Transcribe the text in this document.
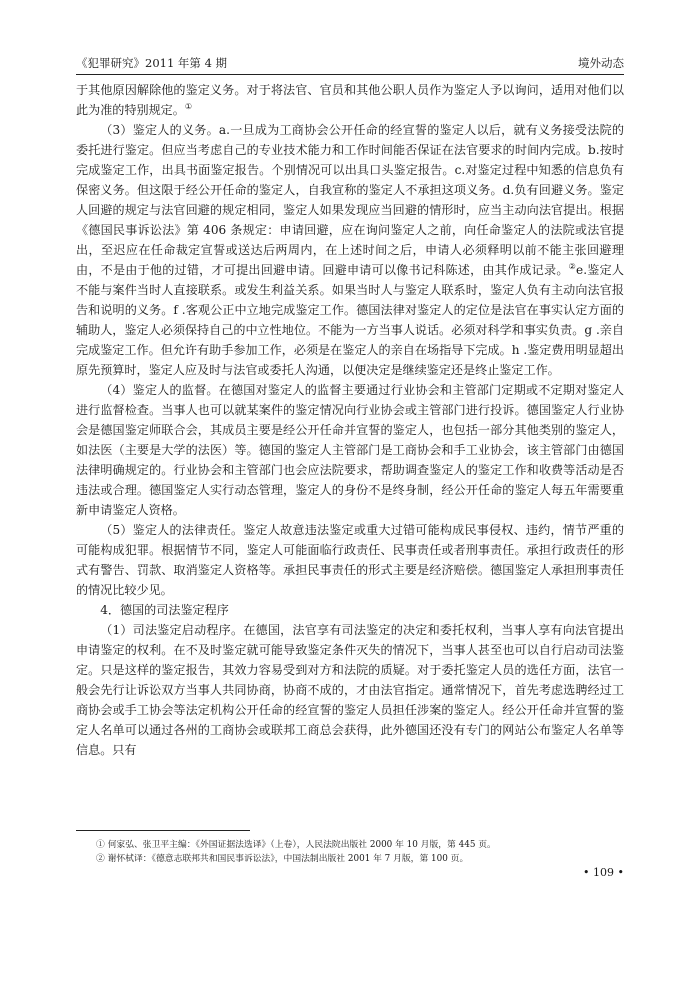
《犯罪研究》2011 年第 4 期	境外动态

于其他原因解除他的鉴定义务。对于将法官、官员和其他公职人员作为鉴定人予以询问，适用对他们以此为准的特别规定。①

（3）鉴定人的义务。a.一旦成为工商协会公开任命的经宣誓的鉴定人以后，就有义务接受法院的委托进行鉴定。但应当考虑自己的专业技术能力和工作时间能否保证在法官要求的时间内完成。b.按时完成鉴定工作，出具书面鉴定报告。个别情况可以出具口头鉴定报告。c.对鉴定过程中知悉的信息负有保密义务。但这限于经公开任命的鉴定人，自我宣称的鉴定人不承担这项义务。d.负有回避义务。鉴定人回避的规定与法官回避的规定相同，鉴定人如果发现应当回避的情形时，应当主动向法官提出。根据《德国民事诉讼法》第 406 条规定：申请回避，应在询问鉴定人之前，向任命鉴定人的法院或法官提出，至迟应在任命裁定宣誓或送达后两周内，在上述时间之后，申请人必须释明以前不能主张回避理由，不是由于他的过错，才可提出回避申请。回避申请可以像书记科陈述，由其作成记录。②e.鉴定人不能与案件当时人直接联系。或发生利益关系。如果当时人与鉴定人联系时，鉴定人负有主动向法官报告和说明的义务。f .客观公正中立地完成鉴定工作。德国法律对鉴定人的定位是法官在事实认定方面的辅助人，鉴定人必须保持自己的中立性地位。不能为一方当事人说话。必须对科学和事实负责。g .亲自完成鉴定工作。但允许有助手参加工作，必须是在鉴定人的亲自在场指导下完成。h .鉴定费用明显超出原先预算时，鉴定人应及时与法官或委托人沟通，以便决定是继续鉴定还是终止鉴定工作。

（4）鉴定人的监督。在德国对鉴定人的监督主要通过行业协会和主管部门定期或不定期对鉴定人进行监督检查。当事人也可以就某案件的鉴定情况向行业协会或主管部门进行投诉。德国鉴定人行业协会是德国鉴定师联合会，其成员主要是经公开任命并宣誓的鉴定人，也包括一部分其他类别的鉴定人，如法医（主要是大学的法医）等。德国的鉴定人主管部门是工商协会和手工业协会，该主管部门由德国法律明确规定的。行业协会和主管部门也会应法院要求，帮助调查鉴定人的鉴定工作和收费等活动是否违法或合理。德国鉴定人实行动态管理，鉴定人的身份不是终身制，经公开任命的鉴定人每五年需要重新申请鉴定人资格。

（5）鉴定人的法律责任。鉴定人故意违法鉴定或重大过错可能构成民事侵权、违约，情节严重的可能构成犯罪。根据情节不同，鉴定人可能面临行政责任、民事责任或者刑事责任。承担行政责任的形式有警告、罚款、取消鉴定人资格等。承担民事责任的形式主要是经济赔偿。德国鉴定人承担刑事责任的情况比较少见。

4．德国的司法鉴定程序

（1）司法鉴定启动程序。在德国，法官享有司法鉴定的决定和委托权利，当事人享有向法官提出申请鉴定的权利。在不及时鉴定就可能导致鉴定条件灭失的情况下，当事人甚至也可以自行启动司法鉴定。只是这样的鉴定报告，其效力容易受到对方和法院的质疑。对于委托鉴定人员的选任方面，法官一般会先行让诉讼双方当事人共同协商，协商不成的，才由法官指定。通常情况下，首先考虑选聘经过工商协会或手工协会等法定机构公开任命的经宣誓的鉴定人员担任涉案的鉴定人。经公开任命并宣誓的鉴定人名单可以通过各州的工商协会或联邦工商总会获得，此外德国还没有专门的网站公布鉴定人名单等信息。只有

① 何家弘、张卫平主编：《外国证据法选译》（上卷），人民法院出版社 2000 年 10 月版，第 445 页。

② 谢怀栻译：《德意志联邦共和国民事诉讼法》，中国法制出版社 2001 年 7 月版，第 100 页。

• 109 •
